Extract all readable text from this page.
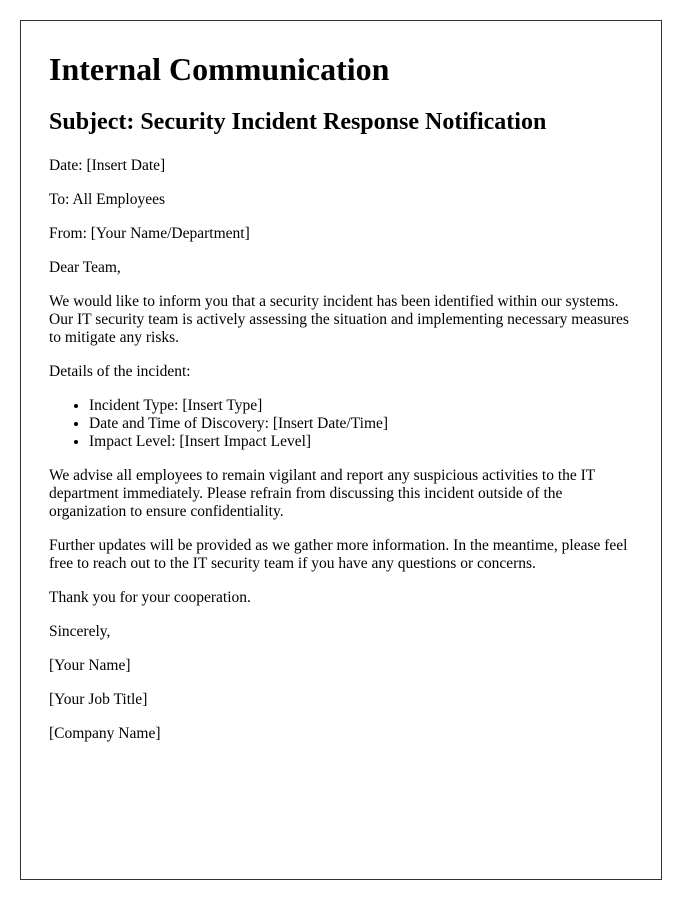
Internal Communication
Subject: Security Incident Response Notification

Date: [Insert Date]

To: All Employees

From: [Your Name/Department]

Dear Team,

We would like to inform you that a security incident has been identified within our systems. Our IT security team is actively assessing the situation and implementing necessary measures to mitigate any risks.

Details of the incident:

• Incident Type: [Insert Type]
• Date and Time of Discovery: [Insert Date/Time]
• Impact Level: [Insert Impact Level]

We advise all employees to remain vigilant and report any suspicious activities to the IT department immediately. Please refrain from discussing this incident outside of the organization to ensure confidentiality.

Further updates will be provided as we gather more information. In the meantime, please feel free to reach out to the IT security team if you have any questions or concerns.

Thank you for your cooperation.

Sincerely,

[Your Name]

[Your Job Title]

[Company Name]
